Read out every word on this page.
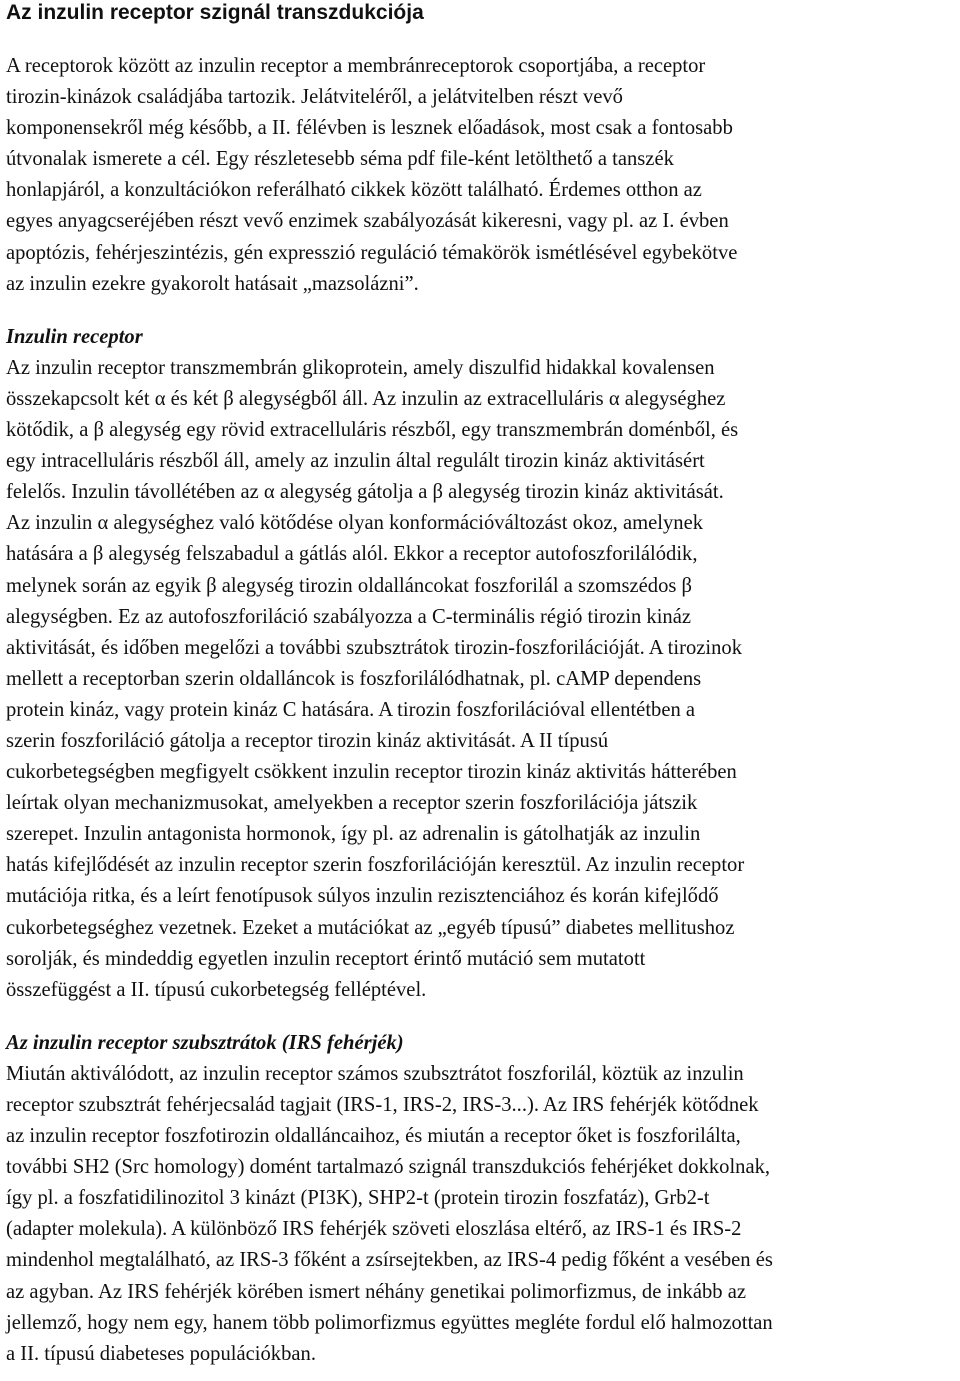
Az inzulin receptor szignál transzdukciója

A receptorok között az inzulin receptor a membránreceptorok csoportjába, a receptor
tirozin-kinázok családjába tartozik. Jelátviteléről, a jelátvitelben részt vevő
komponensekről még később, a II. félévben is lesznek előadások, most csak a fontosabb
útvonalak ismerete a cél. Egy részletesebb séma pdf file-ként letölthető a tanszék
honlapjáról, a konzultációkon referálható cikkek között található. Érdemes otthon az
egyes anyagcseréjében részt vevő enzimek szabályozását kikeresni, vagy pl. az I. évben
apoptózis, fehérjeszintézis, gén expresszió reguláció témakörök ismétlésével egybekötve
az inzulin ezekre gyakorolt hatásait „mazsolázni”.

Inzulin receptor

Az inzulin receptor transzmembrán glikoprotein, amely diszulfid hidakkal kovalensen
összekapcsolt két α és két β alegységből áll. Az inzulin az extracelluláris α alegységhez
kötődik, a β alegység egy rövid extracelluláris részből, egy transzmembrán doménből, és
egy intracelluláris részből áll, amely az inzulin által regulált tirozin kináz aktivitásért
felelős. Inzulin távollétében az α alegység gátolja a β alegység tirozin kináz aktivitását.
Az inzulin α alegységhez való kötődése olyan konformációváltozást okoz, amelynek
hatására a β alegység felszabadul a gátlás alól. Ekkor a receptor autofoszforilálódik,
melynek során az egyik β alegység tirozin oldalláncokat foszforilál a szomszédos β
alegységben. Ez az autofoszforiláció szabályozza a C-terminális régió tirozin kináz
aktivitását, és időben megelőzi a további szubsztrátok tirozin-foszforilációját. A tirozinok
mellett a receptorban szerin oldalláncok is foszforilálódhatnak, pl. cAMP dependens
protein kináz, vagy protein kináz C hatására. A tirozin foszforilációval ellentétben a
szerin foszforiláció gátolja a receptor tirozin kináz aktivitását. A II típusú
cukorbetegségben megfigyelt csökkent inzulin receptor tirozin kináz aktivitás hátterében
leírtak olyan mechanizmusokat, amelyekben a receptor szerin foszforilációja játszik
szerepet. Inzulin antagonista hormonok, így pl. az adrenalin is gátolhatják az inzulin
hatás kifejlődését az inzulin receptor szerin foszforilációján keresztül. Az inzulin receptor
mutációja ritka, és a leírt fenotípusok súlyos inzulin rezisztenciához és korán kifejlődő
cukorbetegséghez vezetnek. Ezeket a mutációkat az „egyéb típusú” diabetes mellitushoz
sorolják, és mindeddig egyetlen inzulin receptort érintő mutáció sem mutatott
összefüggést a II. típusú cukorbetegség felléptével.

Az inzulin receptor szubsztrátok (IRS fehérjék)

Miután aktiválódott, az inzulin receptor számos szubsztrátot foszforilál, köztük az inzulin
receptor szubsztrát fehérjecsalád tagjait (IRS-1, IRS-2, IRS-3...). Az IRS fehérjék kötődnek
az inzulin receptor foszfotirozin oldalláncaihoz, és miután a receptor őket is foszforilálta,
további SH2 (Src homology) domént tartalmazó szignál transzdukciós fehérjéket dokkolnak,
így pl. a foszfatidilinozitol 3 kinázt (PI3K), SHP2-t (protein tirozin foszfatáz), Grb2-t
(adapter molekula). A különböző IRS fehérjék szöveti eloszlása eltérő, az IRS-1 és IRS-2
mindenhol megtalálható, az IRS-3 főként a zsírsejtekben, az IRS-4 pedig főként a vesében és
az agyban. Az IRS fehérjék körében ismert néhány genetikai polimorfizmus, de inkább az
jellemző, hogy nem egy, hanem több polimorfizmus együttes megléte fordul elő halmozottan
a II. típusú diabeteses populációkban.
